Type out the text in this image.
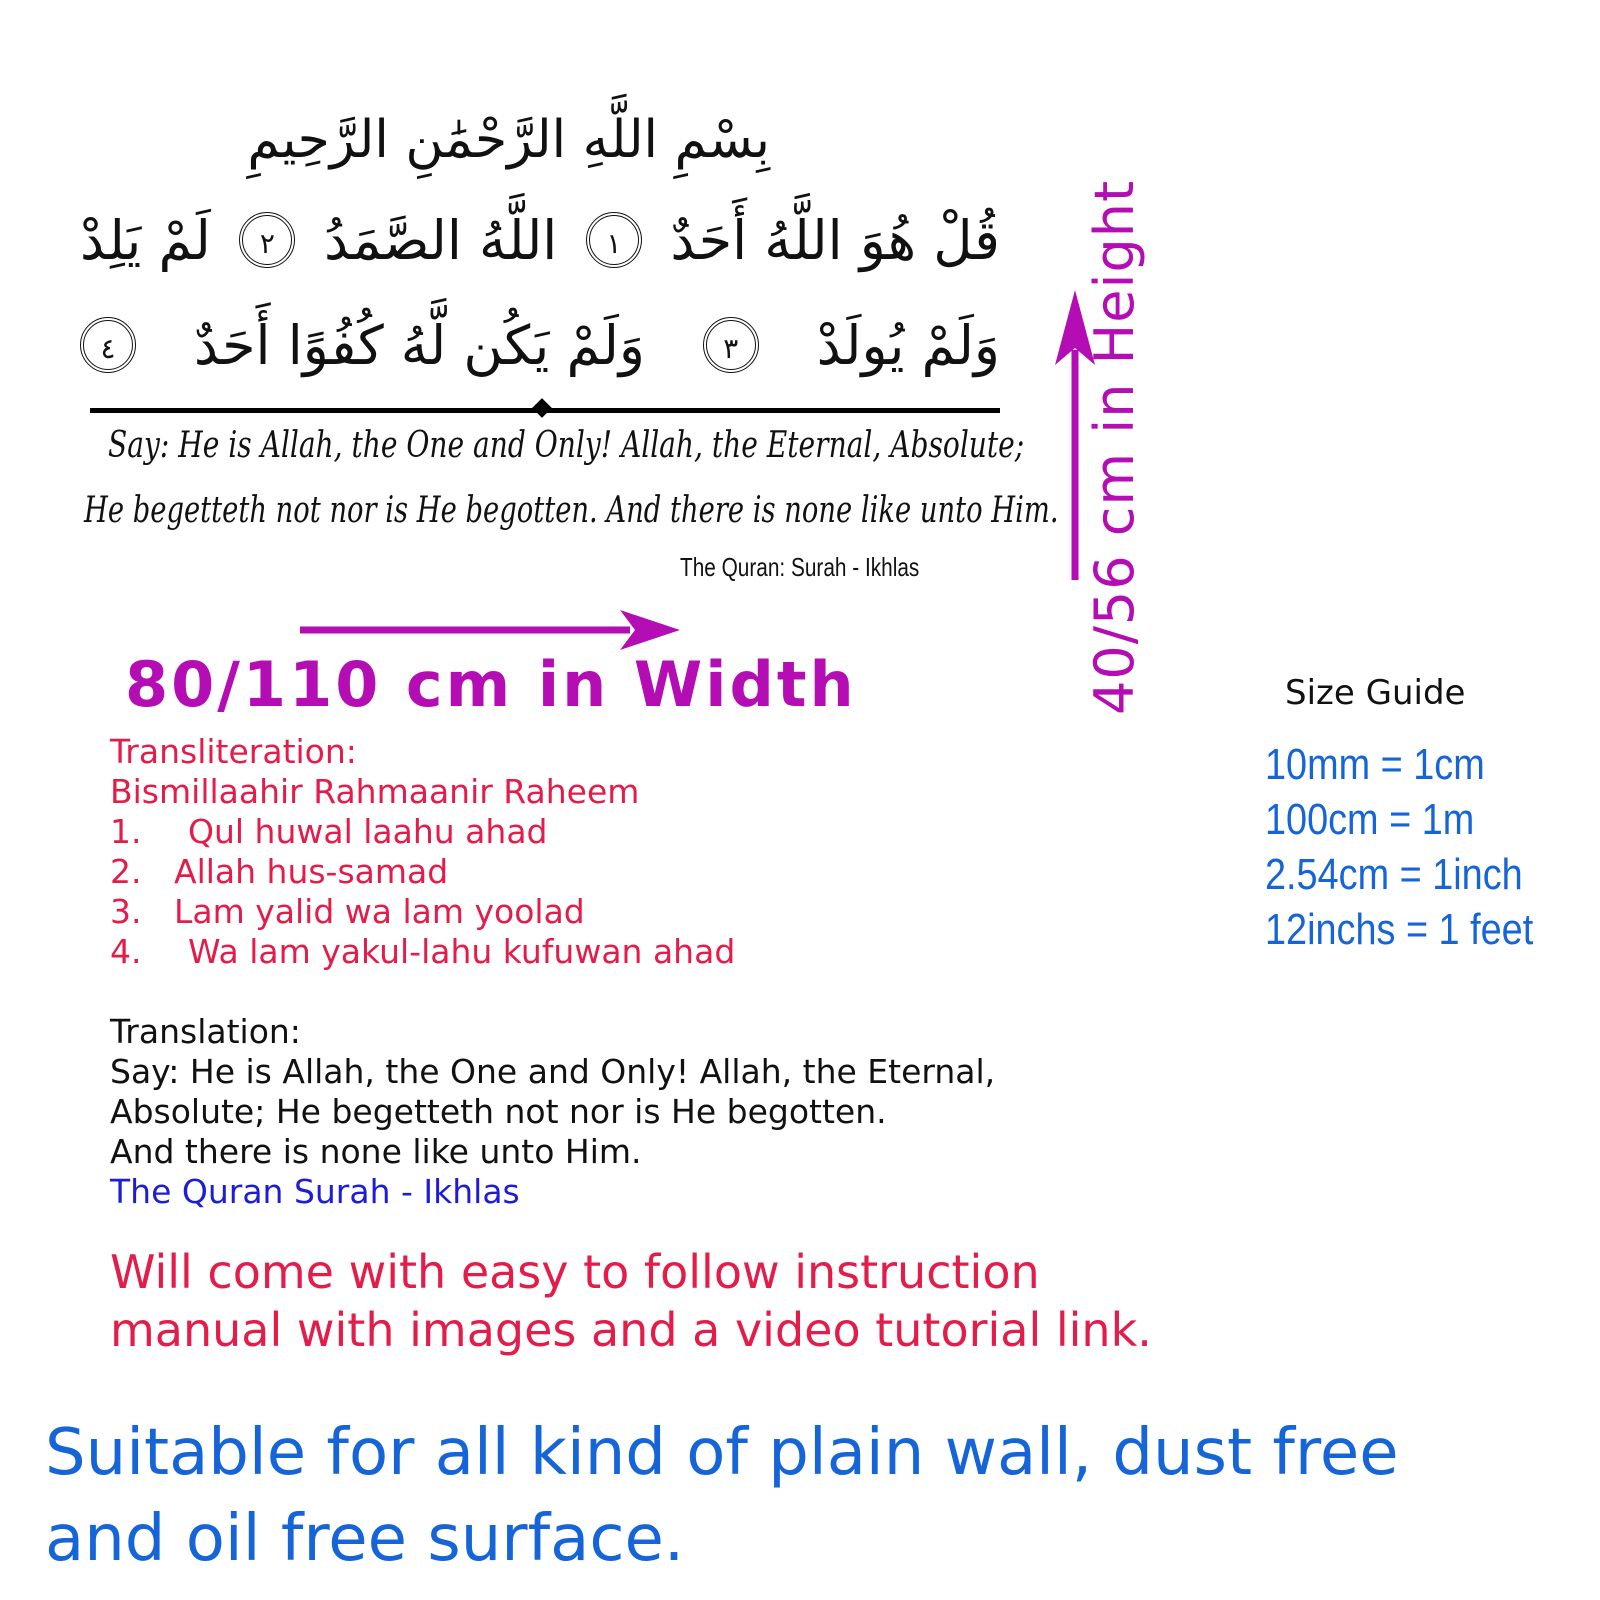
بِسْمِ اللَّهِ الرَّحْمَٰنِ الرَّحِيمِ
قُلْ هُوَ اللَّهُ أَحَدٌ
١
اللَّهُ الصَّمَدُ
٢
لَمْ يَلِدْ
وَلَمْ يُولَدْ
٣
وَلَمْ يَكُن لَّهُ كُفُوًا أَحَدٌ
٤
Say: He is Allah, the One and Only! Allah, the Eternal, Absolute;
He begetteth not nor is He begotten. And there is none like unto Him.
The Quran: Surah - Ikhlas
80/110 cm in Width	40/56 cm in Height	Size Guide
10mm = 1cm
100cm = 1m
2.54cm = 1inch
12inchs = 1 feet
Transliteration:
Bismillaahir Rahmaanir Raheem
1. Qul huwal laahu ahad
2. Allah hus-samad
3. Lam yalid wa lam yoolad
4. Wa lam yakul-lahu kufuwan ahad
Translation:
Say: He is Allah, the One and Only! Allah, the Eternal,
Absolute; He begetteth not nor is He begotten.
And there is none like unto Him.
The Quran Surah - Ikhlas
Will come with easy to follow instruction
manual with images and a video tutorial link.
Suitable for all kind of plain wall, dust free
and oil free surface.
